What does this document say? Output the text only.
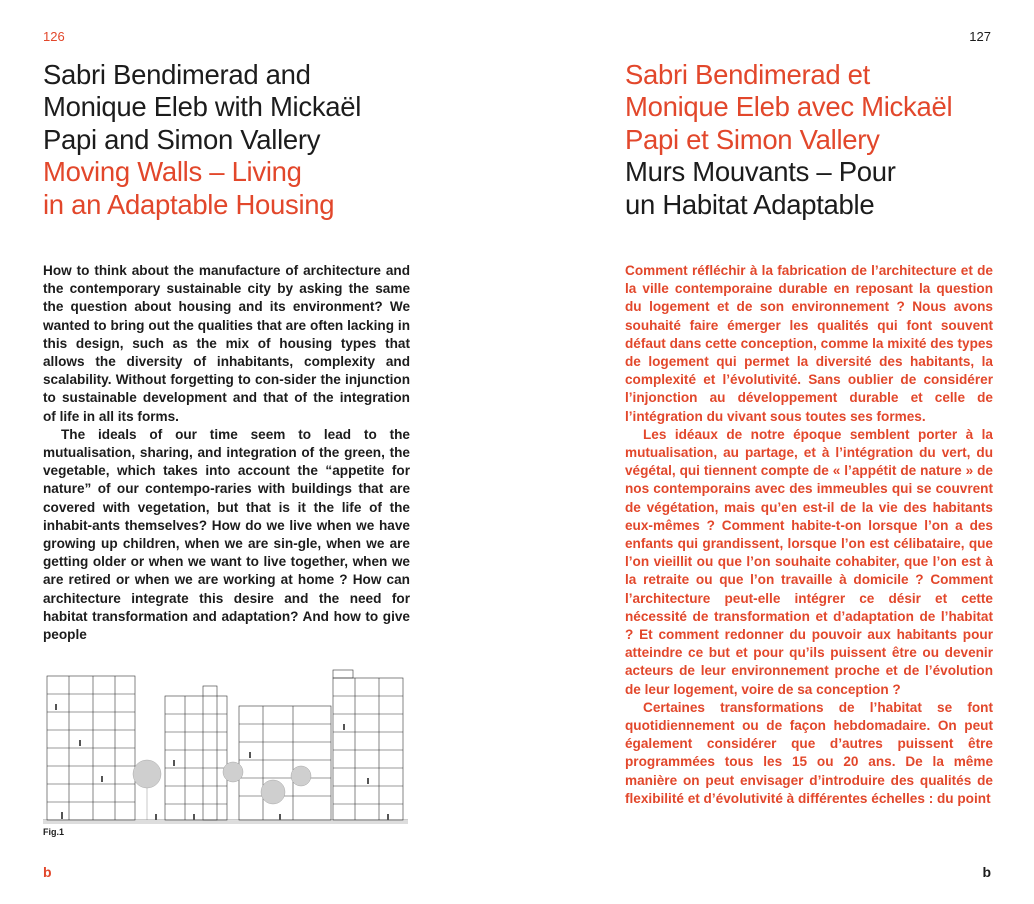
126
Sabri Bendimerad and
Monique Eleb with Mickaël
Papi and Simon Vallery
Moving Walls – Living
in an Adaptable Housing

How to think about the manufacture of architecture and the contemporary sustainable city by asking the same the question about housing and its environment? We wanted to bring out the qualities that are often lacking in this design, such as the mix of housing types that allows the diversity of inhabitants, complexity and scalability. Without forgetting to con-sider the injunction to sustainable development and that of the integration of life in all its forms.

The ideals of our time seem to lead to the mutualisation, sharing, and integration of the green, the vegetable, which takes into account the “appetite for nature” of our contempo-raries with buildings that are covered with vegetation, but that is it the life of the inhabit-ants themselves? How do we live when we have growing up children, when we are sin-gle, when we are getting older or when we want to live together, when we are retired or when we are working at home ? How can architecture integrate this desire and the need for habitat transformation and adaptation? And how to give people

Fig.1
b
127
Sabri Bendimerad et
Monique Eleb avec Mickaël
Papi et Simon Vallery
Murs Mouvants – Pour
un Habitat Adaptable

Comment réfléchir à la fabrication de l’architecture et de la ville contemporaine durable en reposant la question du logement et de son environnement ? Nous avons souhaité faire émerger les qualités qui font souvent défaut dans cette conception, comme la mixité des types de logement qui permet la diversité des habitants, la complexité et l’évolutivité. Sans oublier de considérer l’injonction au développement durable et celle de l’intégration du vivant sous toutes ses formes.

Les idéaux de notre époque semblent porter à la mutualisation, au partage, et à l’intégration du vert, du végétal, qui tiennent compte de « l’appétit de nature » de nos contemporains avec des immeubles qui se couvrent de végétation, mais qu’en est-il de la vie des habitants eux-mêmes ? Comment habite-t-on lorsque l’on a des enfants qui grandissent, lorsque l’on est célibataire, que l’on vieillit ou que l’on souhaite cohabiter, que l’on est à la retraite ou que l’on travaille à domicile ? Comment l’architecture peut-elle intégrer ce désir et cette nécessité de transformation et d’adaptation de l’habitat ? Et comment redonner du pouvoir aux habitants pour atteindre ce but et pour qu’ils puissent être ou devenir acteurs de leur environnement proche et de l’évolution de leur logement, voire de sa conception ?

Certaines transformations de l’habitat se font quotidiennement ou de façon hebdomadaire. On peut également considérer que d’autres puissent être programmées tous les 15 ou 20 ans. De la même manière on peut envisager d’introduire des qualités de flexibilité et d’évolutivité à différentes échelles : du point

b
